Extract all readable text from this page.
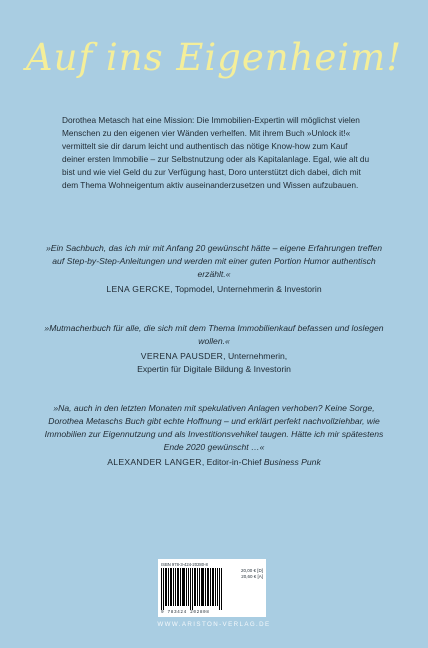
Auf ins Eigenheim!
Dorothea Metasch hat eine Mission: Die Immobilien-Expertin will möglichst vielen Menschen zu den eigenen vier Wänden verhelfen. Mit ihrem Buch »Unlock it!« vermittelt sie dir darum leicht und authentisch das nötige Know-how zum Kauf deiner ersten Immobilie – zur Selbstnutzung oder als Kapitalanlage. Egal, wie alt du bist und wie viel Geld du zur Verfügung hast, Doro unterstützt dich dabei, dich mit dem Thema Wohneigentum aktiv auseinanderzusetzen und Wissen aufzubauen.
»Ein Sachbuch, das ich mir mit Anfang 20 gewünscht hätte – eigene Erfahrungen treffen auf Step-by-Step-Anleitungen und werden mit einer guten Portion Humor authentisch erzählt.«
LENA GERCKE, Topmodel, Unternehmerin & Investorin
»Mutmacherbuch für alle, die sich mit dem Thema Immobilienkauf befassen und loslegen wollen.«
VERENA PAUSDER, Unternehmerin,
Expertin für Digitale Bildung & Investorin
»Na, auch in den letzten Monaten mit spekulativen Anlagen verhoben? Keine Sorge, Dorothea Metaschs Buch gibt echte Hoffnung – und erklärt perfekt nachvollziehbar, wie Immobilien zur Eigennutzung und als Investitionsvehikel taugen. Hätte ich mir spätestens Ende 2020 gewünscht …«
ALEXANDER LANGER, Editor-in-Chief Business Punk
ISBN 978-3-424-20280-8
20,00 € [D]
20,60 € [A]
9 783424 202808
WWW.ARISTON-VERLAG.DE
